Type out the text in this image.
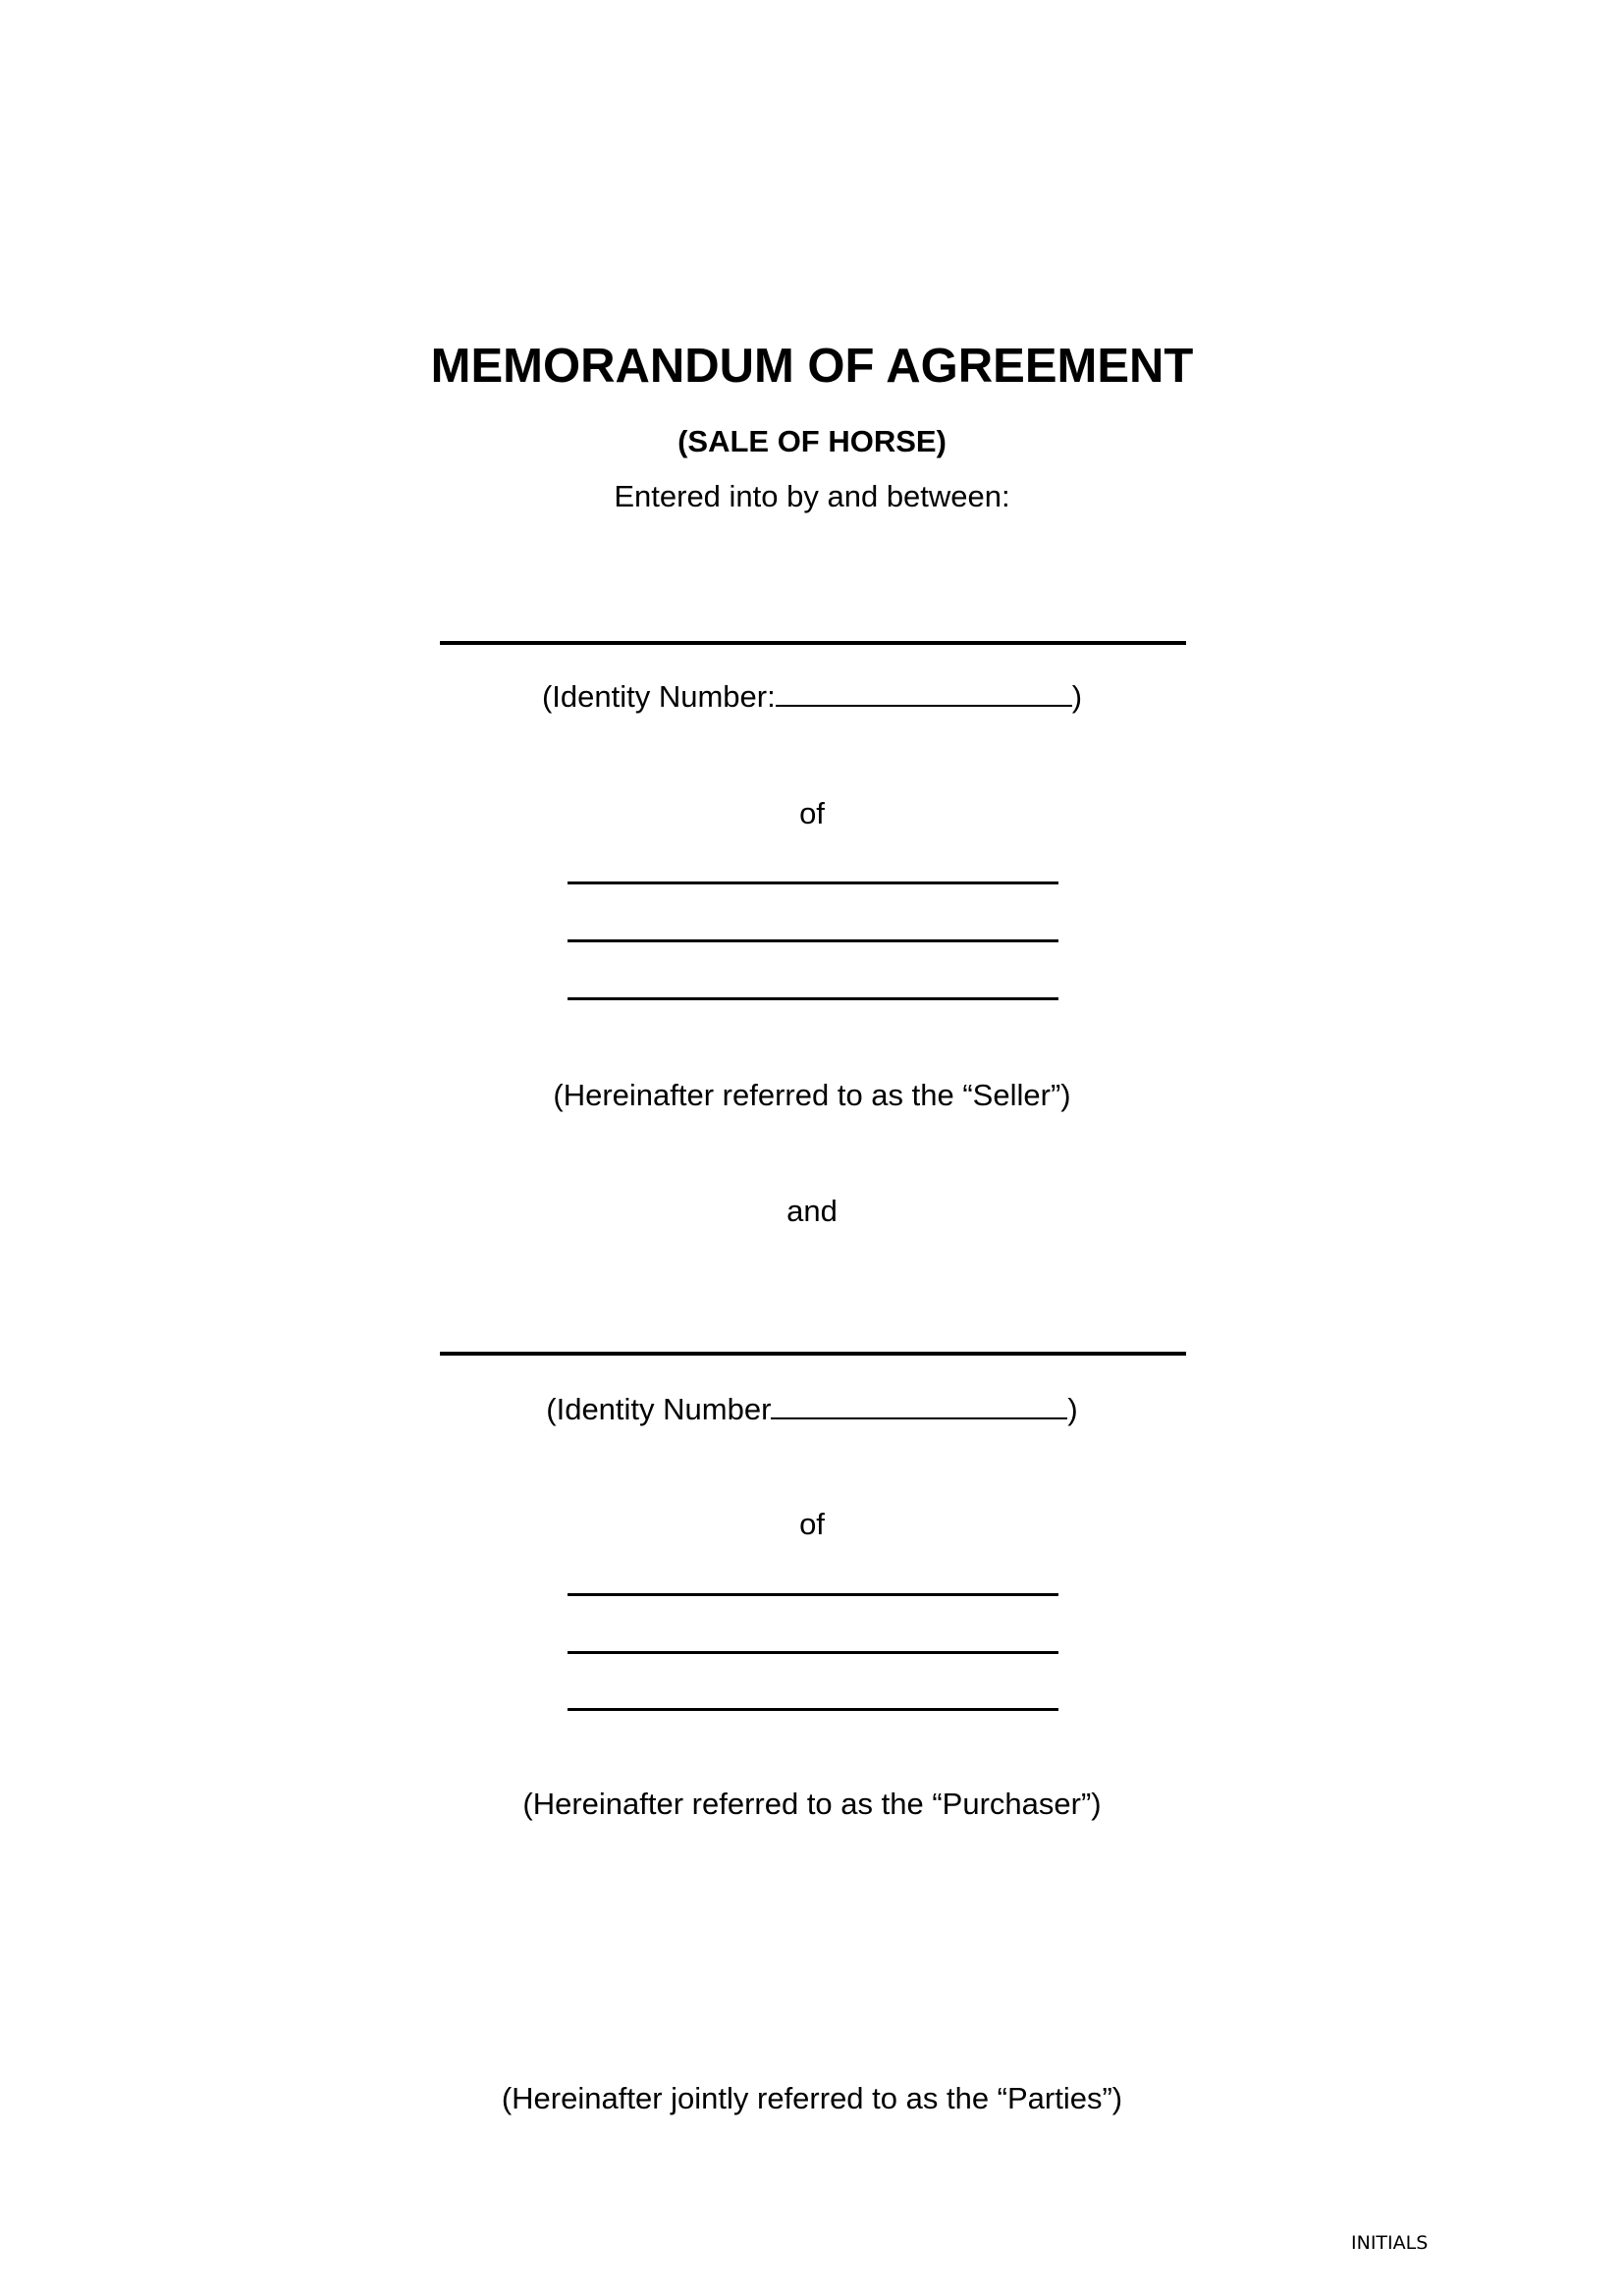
MEMORANDUM OF AGREEMENT
(SALE OF HORSE)
Entered into by and between:
(Identity Number:	)
of
(Hereinafter referred to as the “Seller”)
and
(Identity Number	)
of
(Hereinafter referred to as the “Purchaser”)
(Hereinafter jointly referred to as the “Parties”)
INITIALS
